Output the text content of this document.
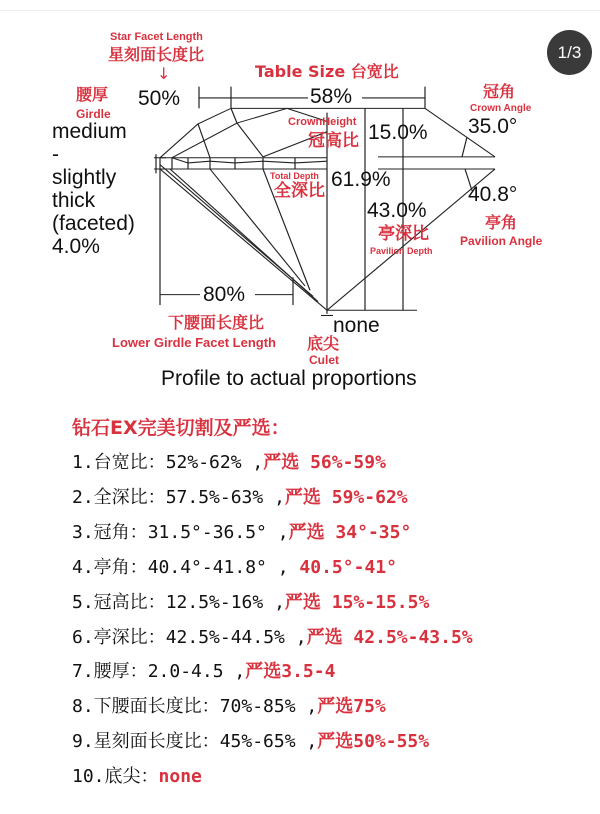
1/3
Star Facet Length
星刻面长度比
↓
50%
Table Size 台宽比
58%
腰厚
Girdle
medium
-
slightly
thick
(faceted)
4.0%
CrownHeight
冠高比 15.0%
冠角
Crown Angle
35.0°
Total Depth
全深比 61.9%
43.0%
亭深比
Pavilion Depth
40.8°
亭角
Pavilion Angle
80%
下腰面长度比
Lower Girdle Facet Length
none
底尖
Culet
Profile to actual proportions
钻石EX完美切割及严选：
1.台宽比：52%-62% ,严选 56%-59%
2.全深比：57.5%-63% ,严选 59%-62%
3.冠角：31.5°-36.5° ,严选 34°-35°
4.亭角：40.4°-41.8° , 40.5°-41°
5.冠高比：12.5%-16% ,严选 15%-15.5%
6.亭深比：42.5%-44.5% ,严选 42.5%-43.5%
7.腰厚：2.0-4.5 ,严选3.5-4
8.下腰面长度比：70%-85% ,严选75%
9.星刻面长度比：45%-65% ,严选50%-55%
10.底尖：none
